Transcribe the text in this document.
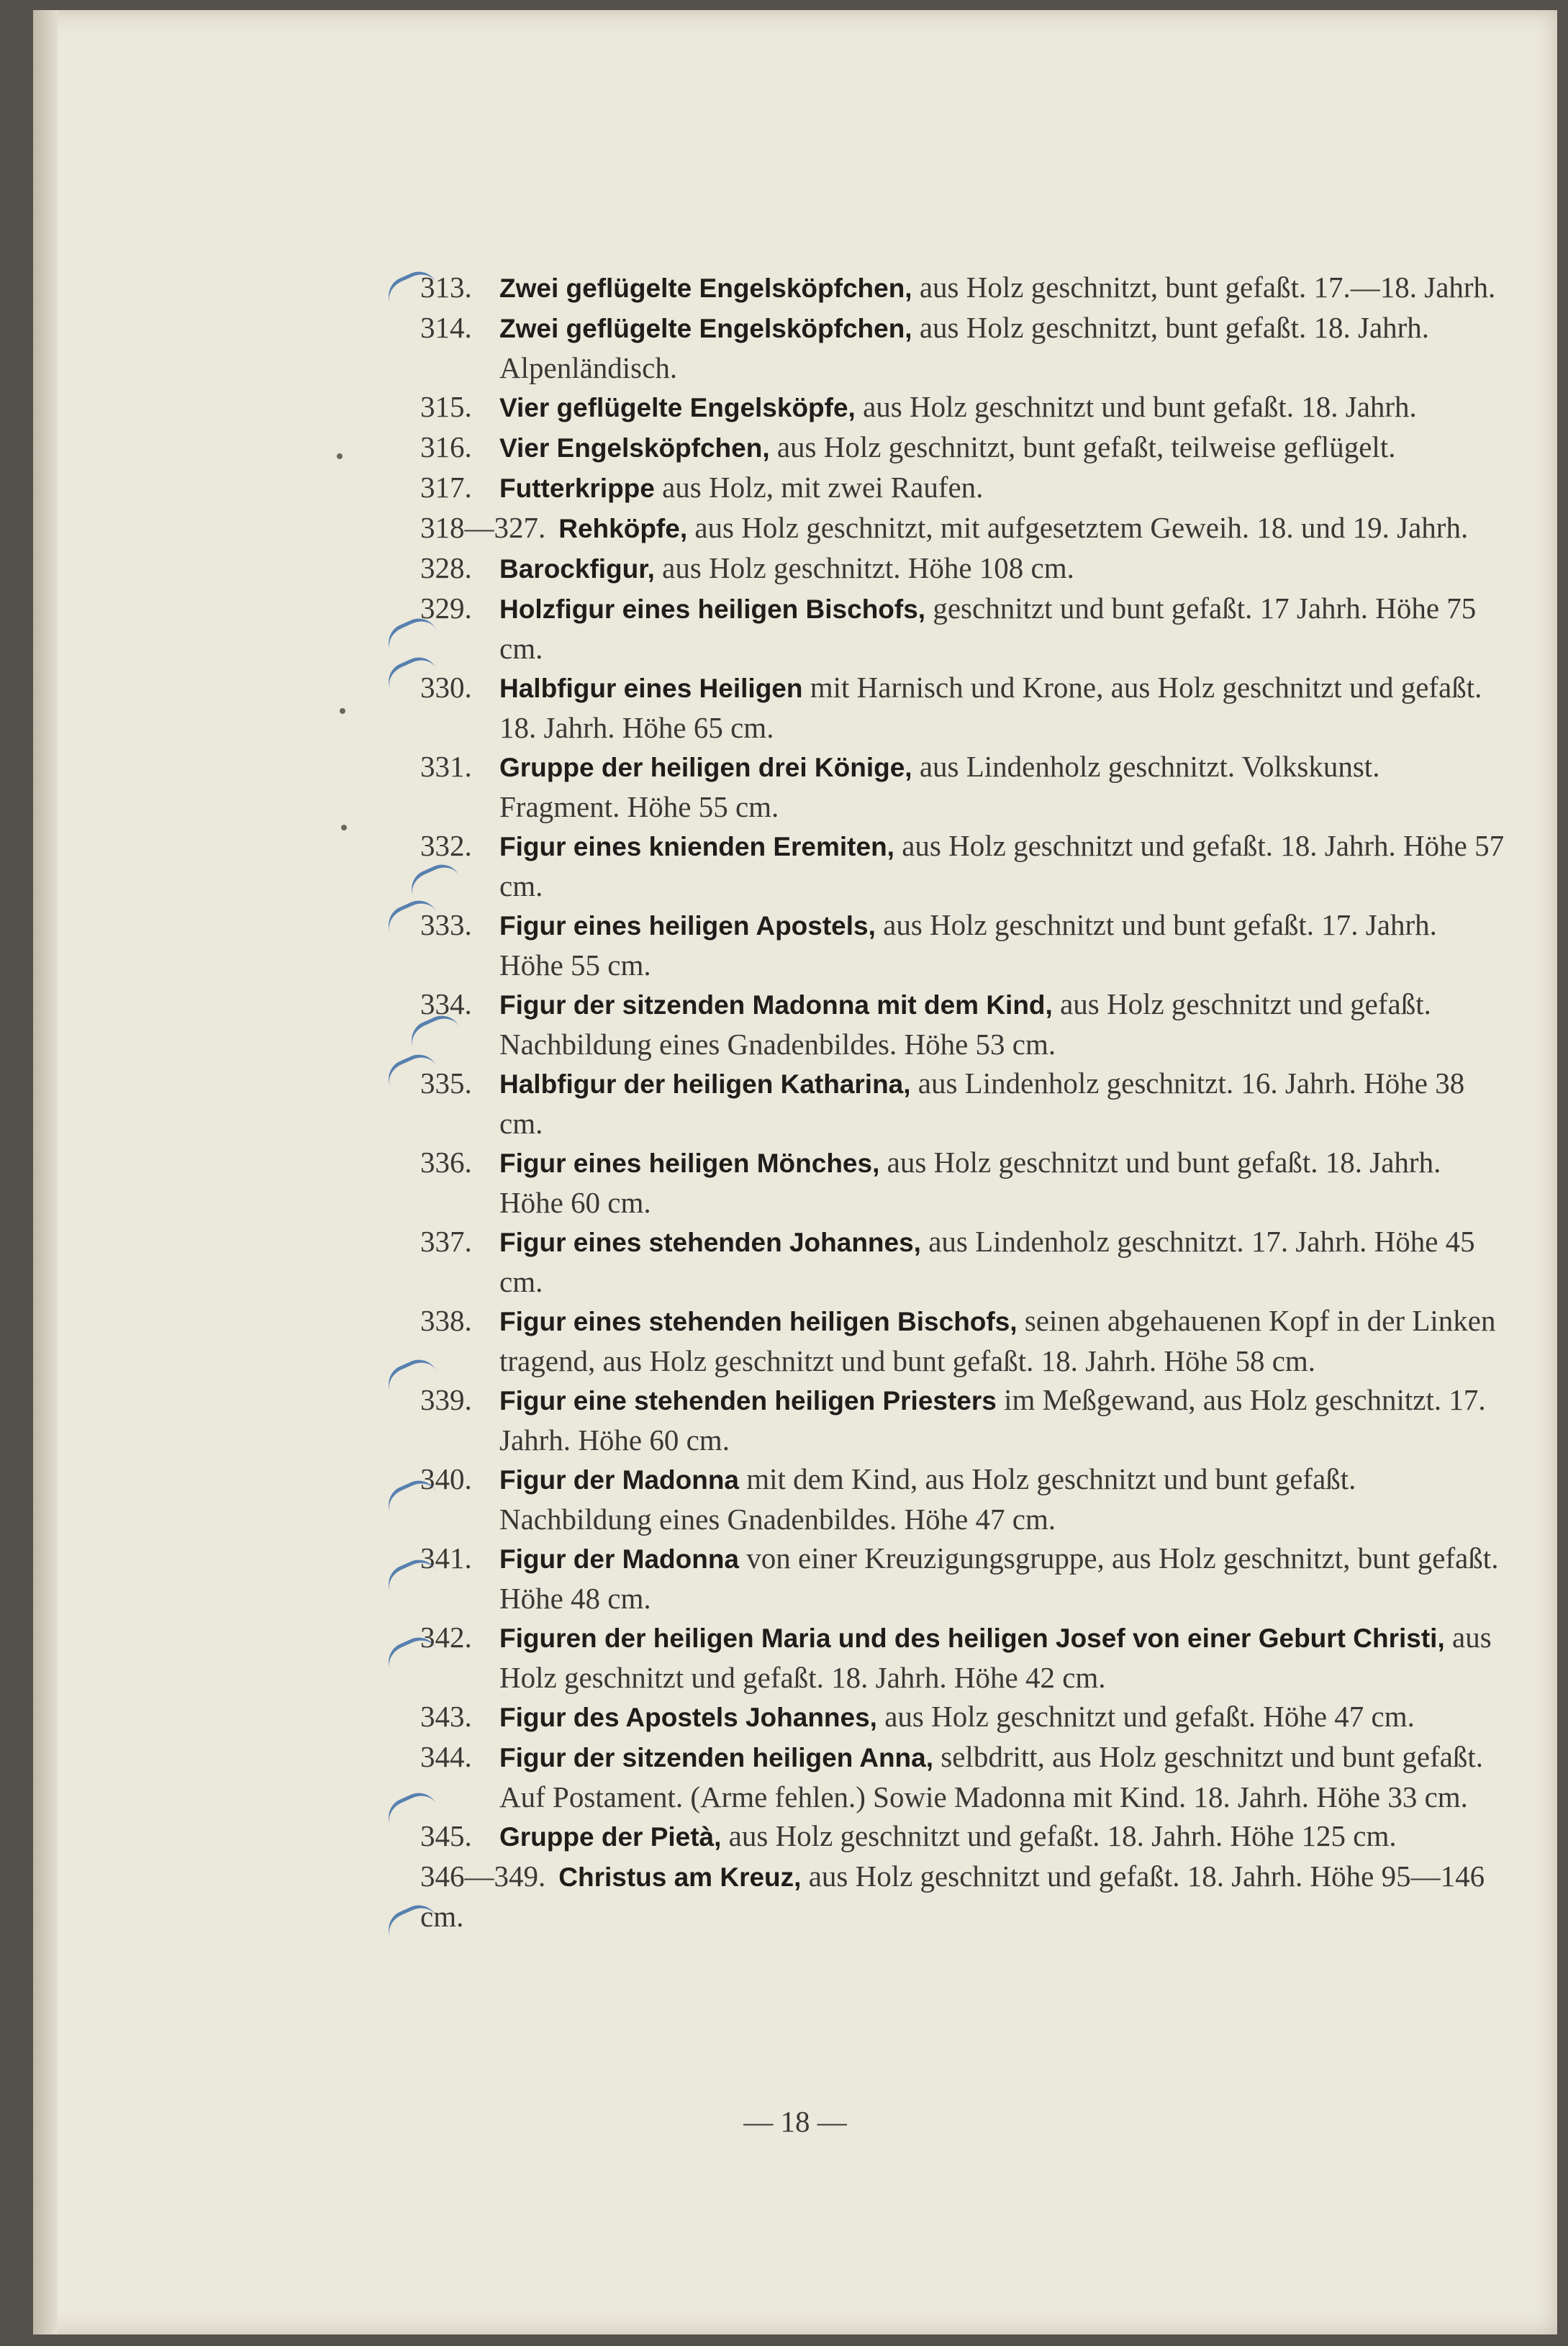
313. Zwei geflügelte Engelsköpfchen, aus Holz geschnitzt, bunt gefaßt. 17.—18. Jahrh.

314. Zwei geflügelte Engelsköpfchen, aus Holz geschnitzt, bunt gefaßt. 18. Jahrh. Alpenländisch.

315. Vier geflügelte Engelsköpfe, aus Holz geschnitzt und bunt gefaßt. 18. Jahrh.

316. Vier Engelsköpfchen, aus Holz geschnitzt, bunt gefaßt, teilweise geflügelt.

317. Futterkrippe aus Holz, mit zwei Raufen.

318—327. Rehköpfe, aus Holz geschnitzt, mit aufgesetztem Geweih. 18. und 19. Jahrh.

328. Barockfigur, aus Holz geschnitzt. Höhe 108 cm.

329. Holzfigur eines heiligen Bischofs, geschnitzt und bunt gefaßt. 17 Jahrh. Höhe 75 cm.

330. Halbfigur eines Heiligen mit Harnisch und Krone, aus Holz geschnitzt und gefaßt. 18. Jahrh. Höhe 65 cm.

331. Gruppe der heiligen drei Könige, aus Lindenholz geschnitzt. Volkskunst. Fragment. Höhe 55 cm.

332. Figur eines knienden Eremiten, aus Holz geschnitzt und gefaßt. 18. Jahrh. Höhe 57 cm.

333. Figur eines heiligen Apostels, aus Holz geschnitzt und bunt gefaßt. 17. Jahrh. Höhe 55 cm.

334. Figur der sitzenden Madonna mit dem Kind, aus Holz geschnitzt und gefaßt. Nachbildung eines Gnadenbildes. Höhe 53 cm.

335. Halbfigur der heiligen Katharina, aus Lindenholz geschnitzt. 16. Jahrh. Höhe 38 cm.

336. Figur eines heiligen Mönches, aus Holz geschnitzt und bunt gefaßt. 18. Jahrh. Höhe 60 cm.

337. Figur eines stehenden Johannes, aus Lindenholz geschnitzt. 17. Jahrh. Höhe 45 cm.

338. Figur eines stehenden heiligen Bischofs, seinen abgehauenen Kopf in der Linken tragend, aus Holz geschnitzt und bunt gefaßt. 18. Jahrh. Höhe 58 cm.

339. Figur eine stehenden heiligen Priesters im Meßgewand, aus Holz geschnitzt. 17. Jahrh. Höhe 60 cm.

340. Figur der Madonna mit dem Kind, aus Holz geschnitzt und bunt gefaßt. Nachbildung eines Gnadenbildes. Höhe 47 cm.

341. Figur der Madonna von einer Kreuzigungsgruppe, aus Holz geschnitzt, bunt gefaßt. Höhe 48 cm.

342. Figuren der heiligen Maria und des heiligen Josef von einer Geburt Christi, aus Holz geschnitzt und gefaßt. 18. Jahrh. Höhe 42 cm.

343. Figur des Apostels Johannes, aus Holz geschnitzt und gefaßt. Höhe 47 cm.

344. Figur der sitzenden heiligen Anna, selbdritt, aus Holz geschnitzt und bunt gefaßt. Auf Postament. (Arme fehlen.) Sowie Madonna mit Kind. 18. Jahrh. Höhe 33 cm.

345. Gruppe der Pietà, aus Holz geschnitzt und gefaßt. 18. Jahrh. Höhe 125 cm.

346—349. Christus am Kreuz, aus Holz geschnitzt und gefaßt. 18. Jahrh. Höhe 95—146 cm.

— 18 —
